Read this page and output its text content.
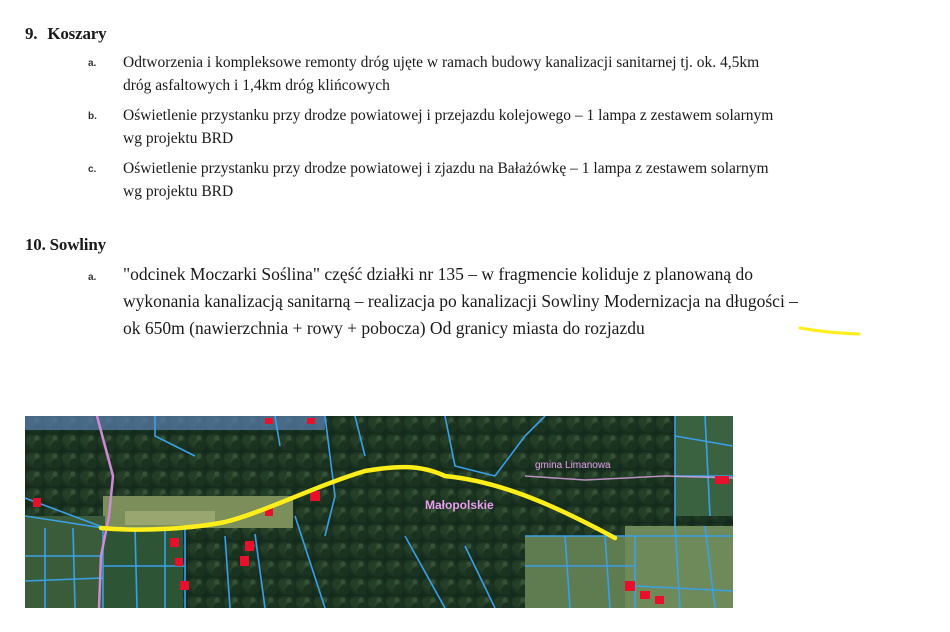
9. Koszary
a. Odtworzenia i kompleksowe remonty dróg ujęte w ramach budowy kanalizacji sanitarnej tj. ok. 4,5km
dróg asfaltowych i 1,4km dróg klińcowych
b. Oświetlenie przystanku przy drodze powiatowej i przejazdu kolejowego – 1 lampa z zestawem solarnym
wg projektu BRD
c. Oświetlenie przystanku przy drodze powiatowej i zjazdu na Bałażówkę – 1 lampa z zestawem solarnym
wg projektu BRD
10. Sowliny
a. "odcinek Moczarki Soślina" część działki nr 135 – w fragmencie koliduje z planowaną do
wykonania kanalizacją sanitarną – realizacja po kanalizacji Sowliny Modernizacja na długości –
ok 650m (nawierzchnia + rowy + pobocza) Od granicy miasta do rozjazdu
Małopolskie
gmina Limanowa
